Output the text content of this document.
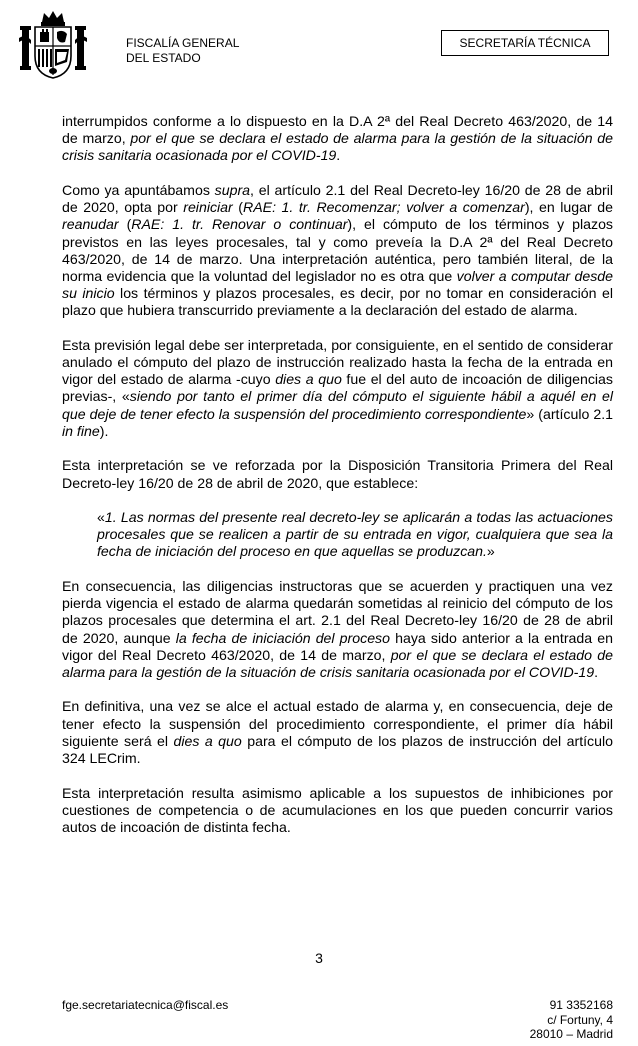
FISCALÍA GENERAL
DEL ESTADO
SECRETARÍA TÉCNICA

interrumpidos conforme a lo dispuesto en la D.A 2ª del Real Decreto 463/2020, de 14 de marzo, por el que se declara el estado de alarma para la gestión de la situación de crisis sanitaria ocasionada por el COVID-19.

Como ya apuntábamos supra, el artículo 2.1 del Real Decreto-ley 16/20 de 28 de abril de 2020, opta por reiniciar (RAE: 1. tr. Recomenzar; volver a comenzar), en lugar de reanudar (RAE: 1. tr. Renovar o continuar), el cómputo de los términos y plazos previstos en las leyes procesales, tal y como preveía la D.A 2ª del Real Decreto 463/2020, de 14 de marzo. Una interpretación auténtica, pero también literal, de la norma evidencia que la voluntad del legislador no es otra que volver a computar desde su inicio los términos y plazos procesales, es decir, por no tomar en consideración el plazo que hubiera transcurrido previamente a la declaración del estado de alarma.

Esta previsión legal debe ser interpretada, por consiguiente, en el sentido de considerar anulado el cómputo del plazo de instrucción realizado hasta la fecha de la entrada en vigor del estado de alarma -cuyo dies a quo fue el del auto de incoación de diligencias previas-, «siendo por tanto el primer día del cómputo el siguiente hábil a aquél en el que deje de tener efecto la suspensión del procedimiento correspondiente» (artículo 2.1 in fine).

Esta interpretación se ve reforzada por la Disposición Transitoria Primera del Real Decreto-ley 16/20 de 28 de abril de 2020, que establece:

«1. Las normas del presente real decreto-ley se aplicarán a todas las actuaciones procesales que se realicen a partir de su entrada en vigor, cualquiera que sea la fecha de iniciación del proceso en que aquellas se produzcan.»

En consecuencia, las diligencias instructoras que se acuerden y practiquen una vez pierda vigencia el estado de alarma quedarán sometidas al reinicio del cómputo de los plazos procesales que determina el art. 2.1 del Real Decreto-ley 16/20 de 28 de abril de 2020, aunque la fecha de iniciación del proceso haya sido anterior a la entrada en vigor del Real Decreto 463/2020, de 14 de marzo, por el que se declara el estado de alarma para la gestión de la situación de crisis sanitaria ocasionada por el COVID-19.

En definitiva, una vez se alce el actual estado de alarma y, en consecuencia, deje de tener efecto la suspensión del procedimiento correspondiente, el primer día hábil siguiente será el dies a quo para el cómputo de los plazos de instrucción del artículo 324 LECrim.

Esta interpretación resulta asimismo aplicable a los supuestos de inhibiciones por cuestiones de competencia o de acumulaciones en los que pueden concurrir varios autos de incoación de distinta fecha.

3
fge.secretariatecnica@fiscal.es	91 3352168
c/ Fortuny, 4
28010 – Madrid
